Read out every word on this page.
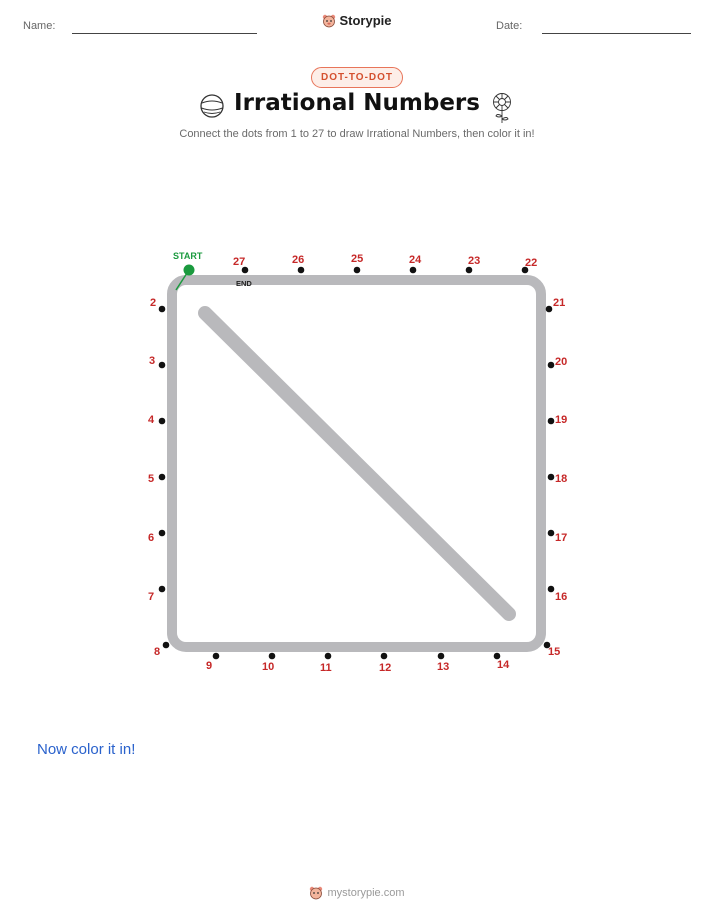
Name:	Storypie	Date:
DOT-TO-DOT
Irrational Numbers
Connect the dots from 1 to 27 to draw Irrational Numbers, then color it in!
2
3
4
5
6
7
8
9	10	11	12	13	14
15
16
17
18
19
20
21
22
23
24
25
26
27
START
END
Now color it in!
mystorypie.com
